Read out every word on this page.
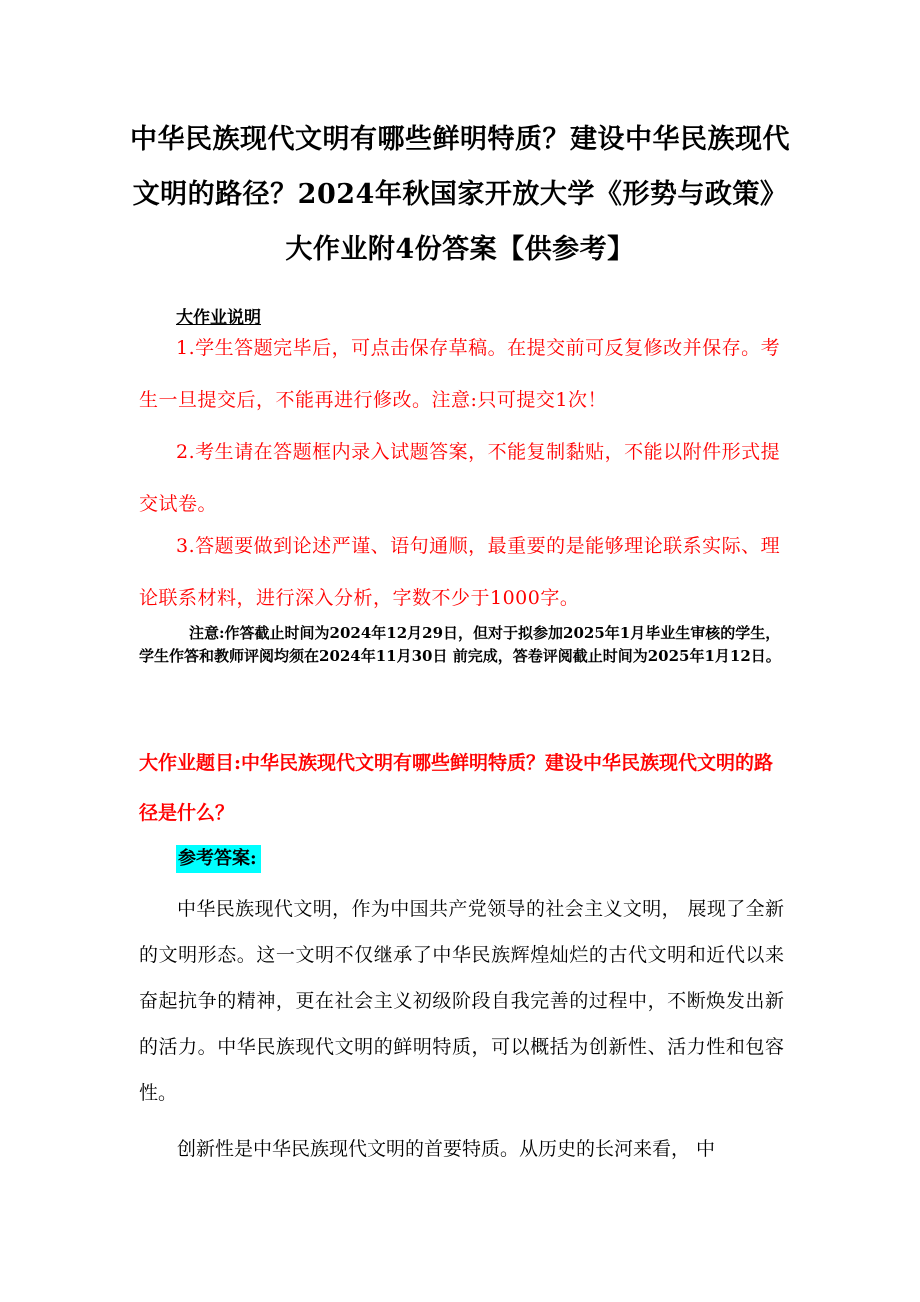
中华民族现代文明有哪些鲜明特质？建设中华民族现代文明的路径？2024年秋国家开放大学《形势与政策》大作业附4份答案【供参考】
大作业说明
1.学生答题完毕后，可点击保存草稿。在提交前可反复修改并保存。考生一旦提交后，不能再进行修改。注意:只可提交1次！
2.考生请在答题框内录入试题答案，不能复制黏贴，不能以附件形式提交试卷。
3.答题要做到论述严谨、语句通顺，最重要的是能够理论联系实际、理论联系材料，进行深入分析，字数不少于1000字。
注意:作答截止时间为2024年12月29日，但对于拟参加2025年1月毕业生审核的学生，学生作答和教师评阅均须在2024年11月30日 前完成，答卷评阅截止时间为2025年1月12日。
大作业题目:中华民族现代文明有哪些鲜明特质？建设中华民族现代文明的路径是什么？
参考答案:
中华民族现代文明，作为中国共产党领导的社会主义文明， 展现了全新的文明形态。这一文明不仅继承了中华民族辉煌灿烂的古代文明和近代以来奋起抗争的精神，更在社会主义初级阶段自我完善的过程中，不断焕发出新的活力。中华民族现代文明的鲜明特质，可以概括为创新性、活力性和包容性。
创新性是中华民族现代文明的首要特质。从历史的长河来看， 中
